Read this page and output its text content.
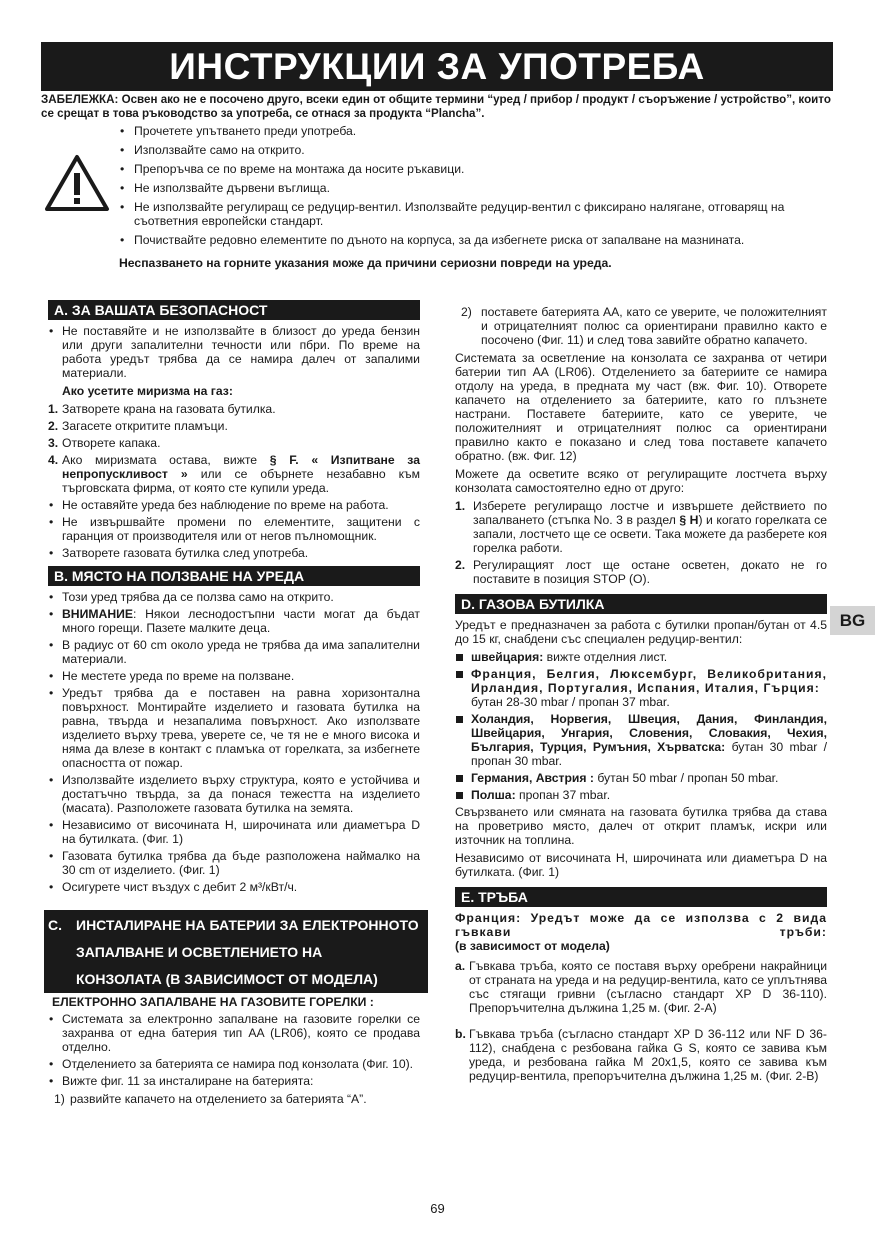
ИНСТРУКЦИИ ЗА УПОТРЕБА
ЗАБЕЛЕЖКА: Освен ако не е посочено друго, всеки един от общите термини “уред / прибор / продукт / съоръжение / устройство”, които се срещат в това ръководство за употреба, се отнася за продукта “Plancha”.
• Прочетете упътването преди употреба.
• Използвайте само на открито.
• Препоръчва се по време на монтажа да носите ръкавици.
• Не използвайте дървени въглища.
• Не използвайте регулиращ се редуцир-вентил. Използвайте редуцир-вентил с фиксирано налягане, отговарящ на съответния европейски стандарт.
• Почиствайте редовно елементите по дъното на корпуса, за да избегнете риска от запалване на мазнината.
Неспазването на горните указания може да причини сериозни повреди на уреда.
A. ЗА ВАШАТА БЕЗОПАСНОСТ
• Не поставяйте и не използвайте в близост до уреда бензин или други запалителни течности или пбри. По време на работа уредът трябва да се намира далеч от запалими материали.
Ако усетите миризма на газ:
1. Затворете крана на газовата бутилка.
2. Загасете откритите пламъци.
3. Отворете капака.
4. Ако миризмата остава, вижте § F. « Изпитване за непропускливост » или се обърнете незабавно към търговската фирма, от която сте купили уреда.
• Не оставяйте уреда без наблюдение по време на работа.
• Не извършвайте промени по елементите, защитени с гаранция от производителя или от негов пълномощник.
• Затворете газовата бутилка след употреба.
B. МЯСТО НА ПОЛЗВАНЕ НА УРЕДА
• Този уред трябва да се ползва само на открито.
• ВНИМАНИЕ: Някои леснодостъпни части могат да бъдат много горещи. Пазете малките деца.
• В радиус от 60 cm около уреда не трябва да има запалителни материали.
• Не местете уреда по време на ползване.
• Уредът трябва да е поставен на равна хоризонтална повърхност. Монтирайте изделието и газовата бутилка на равна, твърда и незапалима повърхност. Ако използвате изделието върху трева, уверете се, че тя не е много висока и няма да влезе в контакт с пламъка от горелката, за избегнете опасността от пожар.
• Използвайте изделието върху структура, която е устойчива и достатъчно твърда, за да понася тежестта на изделието (масата). Разположете газовата бутилка на земята.
• Независимо от височината H, широчината или диаметъра D на бутилката. (Фиг. 1)
• Газовата бутилка трябва да бъде разположена наймалко на 30 cm от изделието. (Фиг. 1)
• Осигурете чист въздух с дебит 2 м³/кВт/ч.
C.	ИНСТАЛИРАНЕ НА БАТЕРИИ ЗА ЕЛЕКТРОННОТО
ЗАПАЛВАНЕ И ОСВЕТЛЕНИЕТО НА
КОНЗОЛАТА (В ЗАВИСИМОСТ ОТ МОДЕЛА)
ЕЛЕКТРОННО ЗАПАЛВАНЕ НА ГАЗОВИТЕ ГОРЕЛКИ :
• Системата за електронно запалване на газовите горелки се захранва от една батерия тип AA (LR06), която се продава отделно.
• Отделението за батерията се намира под конзолата (Фиг. 10).
• Вижте фиг. 11 за инсталиране на батерията:
1) развийте капачето на отделението за батерията “A”.
2) поставете батерията AA, като се уверите, че положителният и отрицателният полюс са ориентирани правилно както е посочено (Фиг. 11) и след това завийте обратно капачето.

Системата за осветление на конзолата се захранва от четири батерии тип AA (LR06). Отделението за батериите се намира отдолу на уреда, в предната му част (вж. Фиг. 10). Отворете капачето на отделението за батериите, като го плъзнете настрани. Поставете батериите, като се уверите, че положителният и отрицателният полюс са ориентирани правилно както е показано и след това поставете капачето обратно. (вж. Фиг. 12)

Можете да осветите всяко от регулиращите лостчета върху конзолата самостоятелно едно от друго:

1. Изберете регулиращо лостче и извършете действието по запалването (стъпка No. 3 в раздел § H) и когато горелката се запали, лостчето ще се освети. Така можете да разберете коя горелка работи.
2. Регулиращият лост ще остане осветен, докато не го поставите в позиция STOP (O).
D. ГАЗОВА БУТИЛКА

Уредът е предназначен за работа с бутилки пропан/бутан от 4.5 до 15 кг, снабдени със специален редуцир-вентил:

швейцария: вижте отделния лист.
Франция, Белгия, Люксембург, Великобритания, Ирландия, Португалия, Испания, Италия, Гърция:
бутан 28-30 mbar / пропан 37 mbar.
Холандия, Норвегия, Швеция, Дания, Финландия, Швейцария, Унгария, Словения, Словакия, Чехия, Бългаpия, Турция, Румъния, Хърватска: бутан 30 mbar / пропан 30 mbar.
Германия, Австрия : бутан 50 mbar / пропан 50 mbar.
Полша: пропан 37 mbar.

Свързването или смяната на газовата бутилка трябва да става на проветриво място, далеч от открит пламък, искри или източник на топлина.

Независимо от височината H, широчината или диаметъра D на бутилката. (Фиг. 1)

E. ТРЪБА

Франция: Уредът може да се използва с 2 вида гъвкави тръби:

(в зависимост от модела)

a. Гъвкава тръба, която се поставя върху оребрени накрайници от страната на уреда и на редуцир-вентила, като се уплътнява със стягащи гривни (съгласно стандарт XP D 36-110). Препоръчителна дължина 1,25 м. (Фиг. 2-A)
b. Гъвкава тръба (съгласно стандарт XP D 36-112 или NF D 36-112), снабдена с резбована гайка G S, която се завива към уреда, и резбована гайка M 20x1,5, която се завива към редуцир-вентила, препоръчителна дължина 1,25 м. (Фиг. 2-B)
BG
69
